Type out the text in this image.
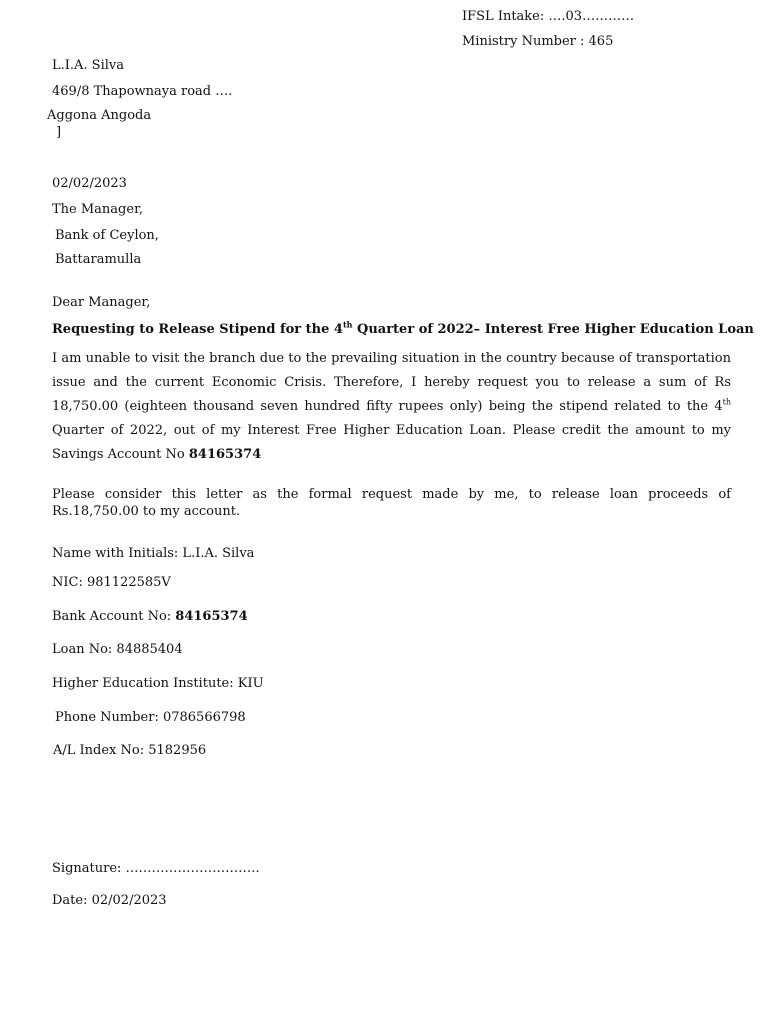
IFSL Intake: ….03…………
Ministry Number : 465
L.I.A. Silva
469/8 Thapownaya road ….
Aggona Angoda
]
02/02/2023
The Manager,
Bank of Ceylon,
Battaramulla
Dear Manager,
Requesting to Release Stipend for the 4th Quarter of 2022– Interest Free Higher Education Loan
I am unable to visit the branch due to the prevailing situation in the country because of transportation issue and the current Economic Crisis. Therefore, I hereby request you to release a sum of Rs 18,750.00 (eighteen thousand seven hundred fifty rupees only) being the stipend related to the 4th Quarter of 2022, out of my Interest Free Higher Education Loan. Please credit the amount to my Savings Account No 84165374
Please consider this letter as the formal request made by me, to release loan proceeds of Rs.18,750.00 to my account.
Name with Initials: L.I.A. Silva
NIC: 981122585V
Bank Account No: 84165374
Loan No: 84885404
Higher Education Institute: KIU
Phone Number: 0786566798
A/L Index No: 5182956
Signature: ………………………….
Date: 02/02/2023
